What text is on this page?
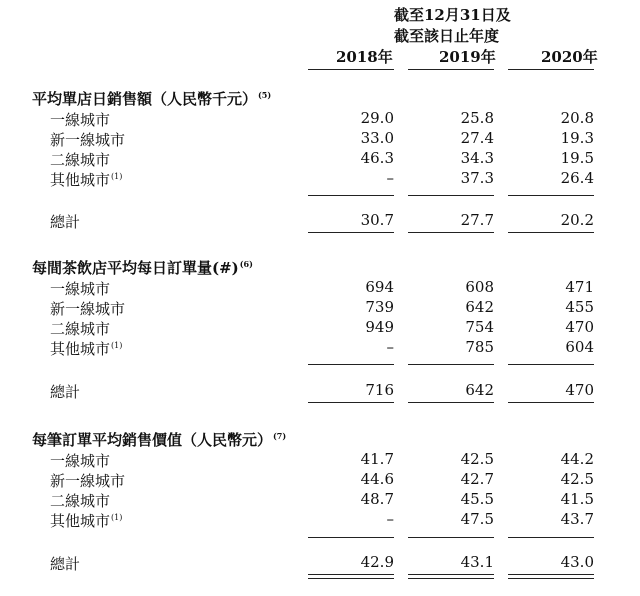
截至12月31日及
截至該日止年度
2018年	2019年	2020年
平均單店日銷售額（人民幣千元）$^{(5)}$
一線城市	29.0	25.8	20.8
新一線城市	33.0	27.4	19.3
二線城市	46.3	34.3	19.5
其他城市$^{(1)}$	–	37.3	26.4
總計	30.7	27.7	20.2
每間茶飲店平均每日訂單量(#)$^{(6)}$
一線城市	694	608	471
新一線城市	739	642	455
二線城市	949	754	470
其他城市$^{(1)}$	–	785	604
總計	716	642	470
每筆訂單平均銷售價值（人民幣元）$^{(7)}$
一線城市	41.7	42.5	44.2
新一線城市	44.6	42.7	42.5
二線城市	48.7	45.5	41.5
其他城市$^{(1)}$	–	47.5	43.7
總計	42.9	43.1	43.0
